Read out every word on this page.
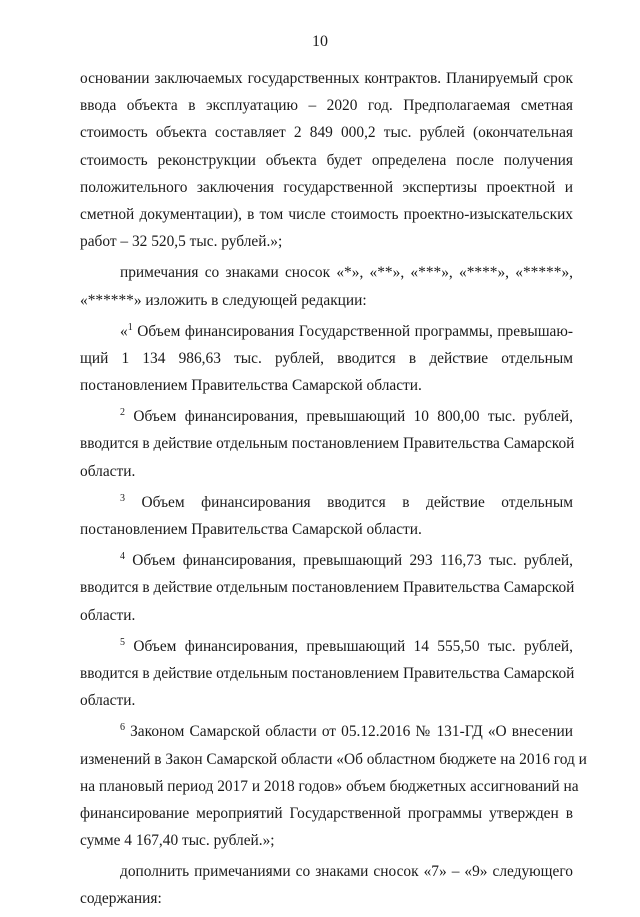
10
основании заключаемых государственных контрактов. Планируемый срок
ввода объекта в эксплуатацию – 2020 год. Предполагаемая сметная
стоимость объекта составляет 2 849 000,2 тыс. рублей (окончательная
стоимость реконструкции объекта будет определена после получения
положительного заключения государственной экспертизы проектной и
сметной документации), в том числе стоимость проектно-изыскательских
работ – 32 520,5 тыс. рублей.»;
примечания со знаками сносок «*», «**», «***», «****», «*****»,
«******» изложить в следующей редакции:
«$^1$ Объем финансирования Государственной программы, превышаю-
щий 1 134 986,63 тыс. рублей, вводится в действие отдельным
постановлением Правительства Самарской области.
$^2$ Объем финансирования, превышающий 10 800,00 тыс. рублей,
вводится в действие отдельным постановлением Правительства Самарской
области.
$^3$ Объем финансирования вводится в действие отдельным
постановлением Правительства Самарской области.
$^4$ Объем финансирования, превышающий 293 116,73 тыс. рублей,
вводится в действие отдельным постановлением Правительства Самарской
области.
$^5$ Объем финансирования, превышающий 14 555,50 тыс. рублей,
вводится в действие отдельным постановлением Правительства Самарской
области.
$^6$ Законом Самарской области от 05.12.2016 № 131-ГД «О внесении
изменений в Закон Самарской области «Об областном бюджете на 2016 год и
на плановый период 2017 и 2018 годов» объем бюджетных ассигнований на
финансирование мероприятий Государственной программы утвержден в
сумме 4 167,40 тыс. рублей.»;
дополнить примечаниями со знаками сносок «7» – «9» следующего
содержания:
